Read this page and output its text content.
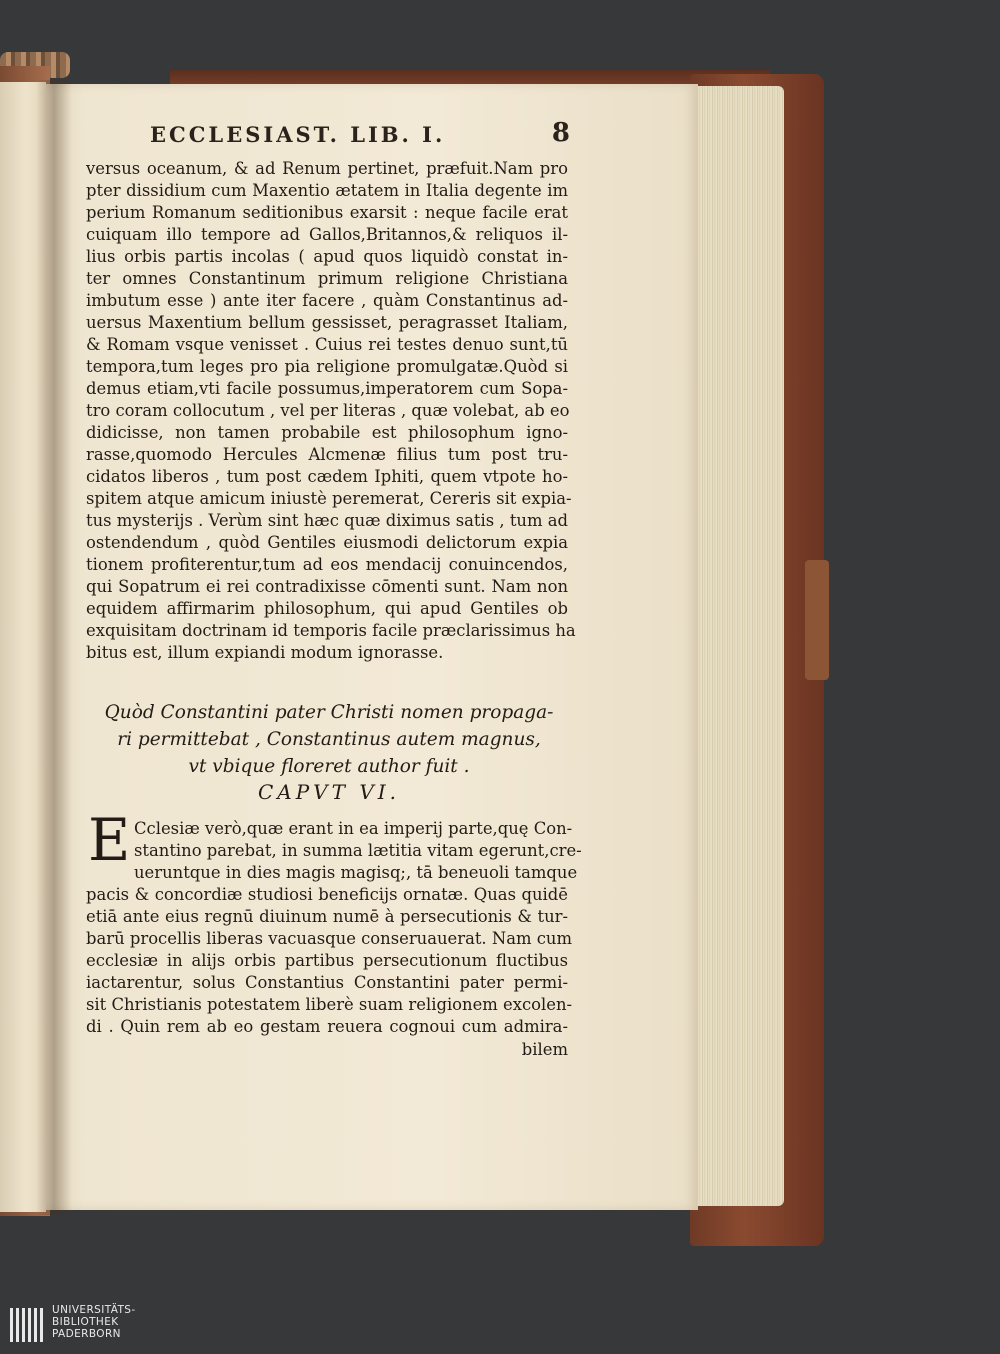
ECCLESIAST. LIB. I.	8
versus oceanum, & ad Renum pertinet, præfuit.Nam pro
pter dissidium cum Maxentio ætatem in Italia degente im
perium Romanum seditionibus exarsit : neque facile erat
cuiquam illo tempore ad Gallos,Britannos,& reliquos il-
lius orbis partis incolas ( apud quos liquidò constat in-
ter omnes Constantinum primum religione Christiana
imbutum esse ) ante iter facere , quàm Constantinus ad-
uersus Maxentium bellum gessisset, peragrasset Italiam,
& Romam vsque venisset . Cuius rei testes denuo sunt,tū
tempora,tum leges pro pia religione promulgatæ.Quòd si
demus etiam,vti facile possumus,imperatorem cum Sopa-
tro coram collocutum , vel per literas , quæ volebat, ab eo
didicisse, non tamen probabile est philosophum igno-
rasse,quomodo Hercules Alcmenæ filius tum post tru-
cidatos liberos , tum post cædem Iphiti, quem vtpote ho-
spitem atque amicum iniustè peremerat, Cereris sit expia-
tus mysterijs . Verùm sint hæc quæ diximus satis , tum ad
ostendendum , quòd Gentiles eiusmodi delictorum expia
tionem profiterentur,tum ad eos mendacij conuincendos,
qui Sopatrum ei rei contradixisse cōmenti sunt. Nam non
equidem affirmarim philosophum, qui apud Gentiles ob
exquisitam doctrinam id temporis facile præclarissimus ha
bitus est, illum expiandi modum ignorasse.
Quòd Constantini pater Christi nomen propaga-
ri permittebat , Constantinus autem magnus,
vt vbique floreret author fuit .
CAPVT VI.
E Cclesiæ verò,quæ erant in ea imperij parte,quę Con-
stantino parebat, in summa lætitia vitam egerunt,cre-
ueruntque in dies magis magisq;, tā beneuoli tamque
pacis & concordiæ studiosi beneficijs ornatæ. Quas quidē
etiā ante eius regnū diuinum numē à persecutionis & tur-
barū procellis liberas vacuasque conseruauerat. Nam cum
ecclesiæ in alijs orbis partibus persecutionum fluctibus
iactarentur, solus Constantius Constantini pater permi-
sit Christianis potestatem liberè suam religionem excolen-
di . Quin rem ab eo gestam reuera cognoui cum admira-
bilem
UNIVERSITÄTS-
BIBLIOTHEK
PADERBORN
